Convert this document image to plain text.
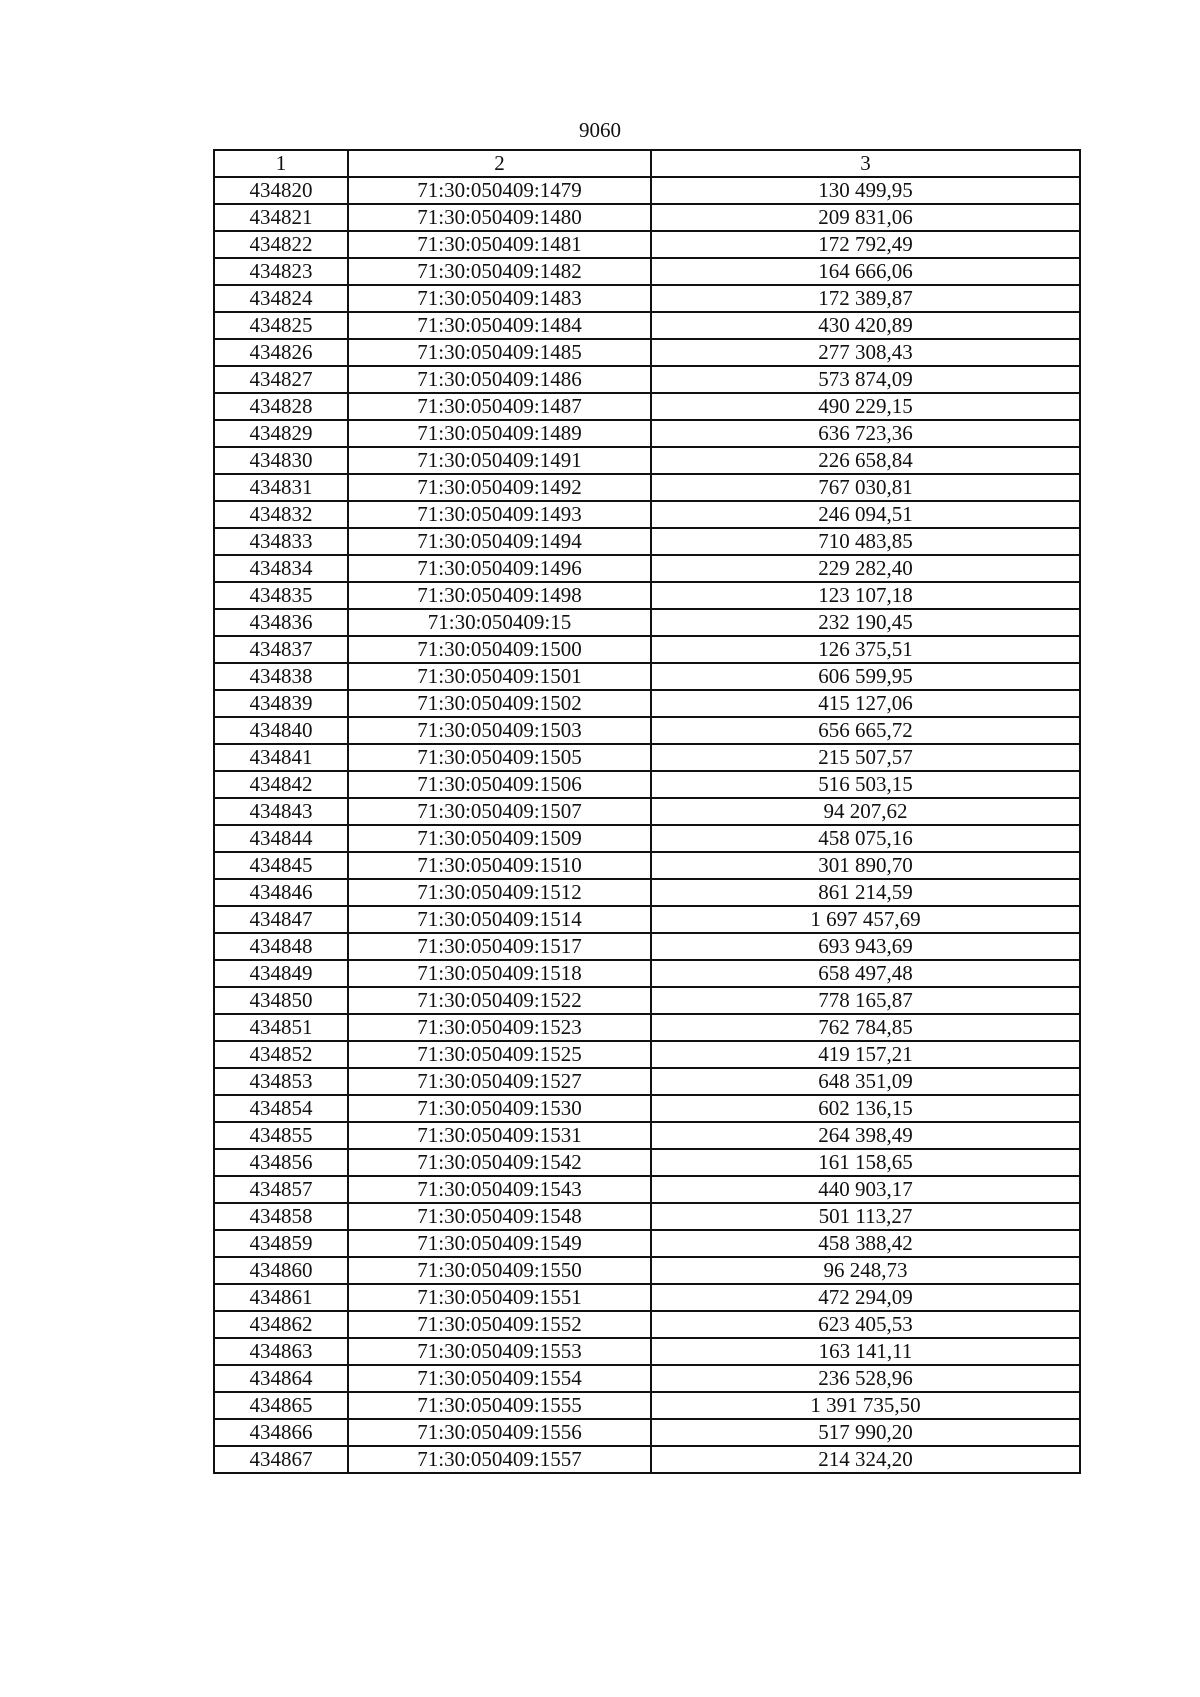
9060
1	2	3
434820	71:30:050409:1479	130 499,95
434821	71:30:050409:1480	209 831,06
434822	71:30:050409:1481	172 792,49
434823	71:30:050409:1482	164 666,06
434824	71:30:050409:1483	172 389,87
434825	71:30:050409:1484	430 420,89
434826	71:30:050409:1485	277 308,43
434827	71:30:050409:1486	573 874,09
434828	71:30:050409:1487	490 229,15
434829	71:30:050409:1489	636 723,36
434830	71:30:050409:1491	226 658,84
434831	71:30:050409:1492	767 030,81
434832	71:30:050409:1493	246 094,51
434833	71:30:050409:1494	710 483,85
434834	71:30:050409:1496	229 282,40
434835	71:30:050409:1498	123 107,18
434836	71:30:050409:15	232 190,45
434837	71:30:050409:1500	126 375,51
434838	71:30:050409:1501	606 599,95
434839	71:30:050409:1502	415 127,06
434840	71:30:050409:1503	656 665,72
434841	71:30:050409:1505	215 507,57
434842	71:30:050409:1506	516 503,15
434843	71:30:050409:1507	94 207,62
434844	71:30:050409:1509	458 075,16
434845	71:30:050409:1510	301 890,70
434846	71:30:050409:1512	861 214,59
434847	71:30:050409:1514	1 697 457,69
434848	71:30:050409:1517	693 943,69
434849	71:30:050409:1518	658 497,48
434850	71:30:050409:1522	778 165,87
434851	71:30:050409:1523	762 784,85
434852	71:30:050409:1525	419 157,21
434853	71:30:050409:1527	648 351,09
434854	71:30:050409:1530	602 136,15
434855	71:30:050409:1531	264 398,49
434856	71:30:050409:1542	161 158,65
434857	71:30:050409:1543	440 903,17
434858	71:30:050409:1548	501 113,27
434859	71:30:050409:1549	458 388,42
434860	71:30:050409:1550	96 248,73
434861	71:30:050409:1551	472 294,09
434862	71:30:050409:1552	623 405,53
434863	71:30:050409:1553	163 141,11
434864	71:30:050409:1554	236 528,96
434865	71:30:050409:1555	1 391 735,50
434866	71:30:050409:1556	517 990,20
434867	71:30:050409:1557	214 324,20
